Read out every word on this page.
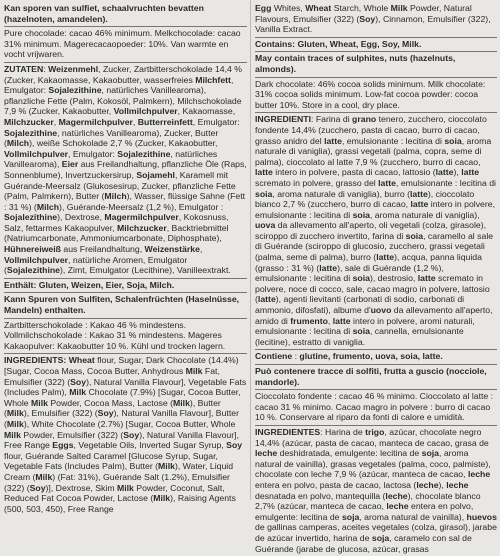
Kan sporen van sulfiet, schaalvruchten bevatten (hazelnoten, amandelen).

Pure chocolade: cacao 46% minimum. Melkchocolade: cacao 31% minimum. Magerecacaopoeder: 10%. Van warmte en vocht vrijwaren.

ZUTATEN: Weizenmehl, Zucker, Zartbitterschokolade 14,4 % (Zucker, Kakaomasse, Kakaobutter, wasserfreies Milchfett, Emulgator: Sojalezithine, natürliches Vanillearoma), pflanzliche Fette (Palm, Kokosöl, Palmkern), Milchschokolade 7,9 % (Zucker, Kakaobutter, Vollmilchpulver, Kakaomasse, Milchzucker, Magermilchpulver, Butterreinfett, Emulgator: Sojalezithine, natürliches Vanillearoma), Zucker, Butter (Milch), weiße Schokolade 2,7 % (Zucker, Kakaobutter, Vollmilchpulver, Emulgator: Sojalezithine, natürliches Vanillearoma), Eier aus Freilandhaltung, pflanzliche Öle (Raps, Sonnenblume), Invertzuckersirup, Sojamehl, Karamell mit Guérande-Meersalz (Glukosesirup, Zucker, pflanzliche Fette (Palm, Palmkern), Butter (Milch), Wasser, flüssige Sahne (Fett : 31 %) (Milch), Guérande-Meersalz (1,2 %), Emulgator : Sojalezithine), Dextrose, Magermilchpulver, Kokosnuss, Salz, fettarmes Kakaopulver, Milchzucker, Backtriebmittel (Natriumcarbonate, Ammoniumcarbonate, Diphosphate), Hühnereiweiß aus Freilandhaltung, Weizenstärke, Vollmilchpulver, natürliche Aromen, Emulgator (Sojalezithine), Zimt, Emulgator (Lecithine), Vanilleextrakt.

Enthält: Gluten, Weizen, Eier, Soja, Milch.

Kann Spuren von Sulfiten, Schalenfrüchten (Haselnüsse, Mandeln) enthalten.

Zartbitterschokolade : Kakao 46 % mindestens. Vollmilchschokolade : Kakao 31 % mindestens. Mageres Kakaopulver: Kakaobutter 10 %. Kühl und trocken lagern.

INGREDIENTS: Wheat flour, Sugar, Dark Chocolate (14.4%) [Sugar, Cocoa Mass, Cocoa Butter, Anhydrous Milk Fat, Emulsifier (322) (Soy), Natural Vanilla Flavour], Vegetable Fats (Includes Palm), Milk Chocolate (7.9%) [Sugar, Cocoa Butter, Whole Milk Powder, Cocoa Mass, Lactose (Milk), Butter (Milk), Emulsifier (322) (Soy), Natural Vanilla Flavour], Butter (Milk), White Chocolate (2.7%) [Sugar, Cocoa Butter, Whole Milk Powder, Emulsifier (322) (Soy), Natural Vanilla Flavour], Free Range Eggs, Vegetable Oils, Inverted Sugar Syrup, Soy flour, Guérande Salted Caramel [Glucose Syrup, Sugar, Vegetable Fats (Includes Palm), Butter (Milk), Water, Liquid Cream (Milk) (Fat: 31%), Guérande Salt (1.2%), Emulsifier (322) (Soy)], Dextrose, Skim Milk Powder, Coconut, Salt, Reduced Fat Cocoa Powder, Lactose (Milk), Raising Agents (500, 503, 450), Free Range

Egg Whites, Wheat Starch, Whole Milk Powder, Natural Flavours, Emulsifier (322) (Soy), Cinnamon, Emulsifier (322), Vanilla Extract.

Contains: Gluten, Wheat, Egg, Soy, Milk.

May contain traces of sulphites, nuts (hazelnuts, almonds).

Dark chocolate: 46% cocoa solids minimum. Milk chocolate: 31% cocoa solids minimum. Low-fat cocoa powder: cocoa butter 10%. Store in a cool, dry place.

INGREDIENTI: Farina di grano tenero, zucchero, cioccolato fondente 14,4% (zucchero, pasta di cacao, burro di cacao, grasso anidro del latte, emulsionante : lecitina di soia, aroma naturale di vaniglia), grassi vegetali (palma, copra, seme di palma), cioccolato al latte 7,9 % (zucchero, burro di cacao, latte intero in polvere, pasta di cacao, lattosio (latte), latte scremato in polvere, grasso del latte, emulsionante : lecitina di soia, aroma naturale di vaniglia), burro (latte), cioccolato bianco 2,7 % (zucchero, burro di cacao, latte intero in polvere, emulsionante : lecitina di soia, aroma naturale di vaniglia), uova da allevamento all'aperto, oli vegetali (colza, girasole), sciroppo di zucchero invertito, farina di soia, caramello al sale di Guérande (sciroppo di glucosio, zucchero, grassi vegetali (palma, seme di palma), burro (latte), acqua, panna liquida (grasso : 31 %) (latte), sale di Guérande (1,2 %), emulsionante : lecitina di soia), destrosio, latte scremato in polvere, noce di cocco, sale, cacao magro in polvere, lattosio (latte), agenti lievitanti (carbonati di sodio, carbonati di ammonio, difosfati), albume d'uovo da allevamento all'aperto, amido di frumento, latte intero in polvere, aromi naturali, emulsionante : lecitina di soia, cannella, emulsionante (lecitine), estratto di vaniglia.

Contiene : glutine, frumento, uova, soia, latte.

Può contenere tracce di solfiti, frutta a guscio (nocciole, mandorle).

Cioccolato fondente : cacao 46 % minimo. Cioccolato al latte : cacao 31 % minimo. Cacao magro in polvere : burro di cacao 10 %. Conservare al riparo da fonti di calore e umidità.

INGREDIENTES: Harina de trigo, azúcar, chocolate negro 14,4% (azúcar, pasta de cacao, manteca de cacao, grasa de leche deshidratada, emulgente: lecitina de soja, aroma natural de vainilla), grasas vegetales (palma, coco, palmiste), chocolate con leche 7,9 % (azúcar, manteca de cacao, leche entera en polvo, pasta de cacao, lactosa (leche), leche desnatada en polvo, mantequilla (leche), chocolate blanco 2,7% (azúcar, manteca de cacao, leche entera en polvo, emulgente: lecitina de soja, aroma natural de vainilla), huevos de gallinas camperas, aceites vegetales (colza, girasol), jarabe de azúcar invertido, harina de soja, caramelo con sal de Guérande (jarabe de glucosa, azúcar, grasas
